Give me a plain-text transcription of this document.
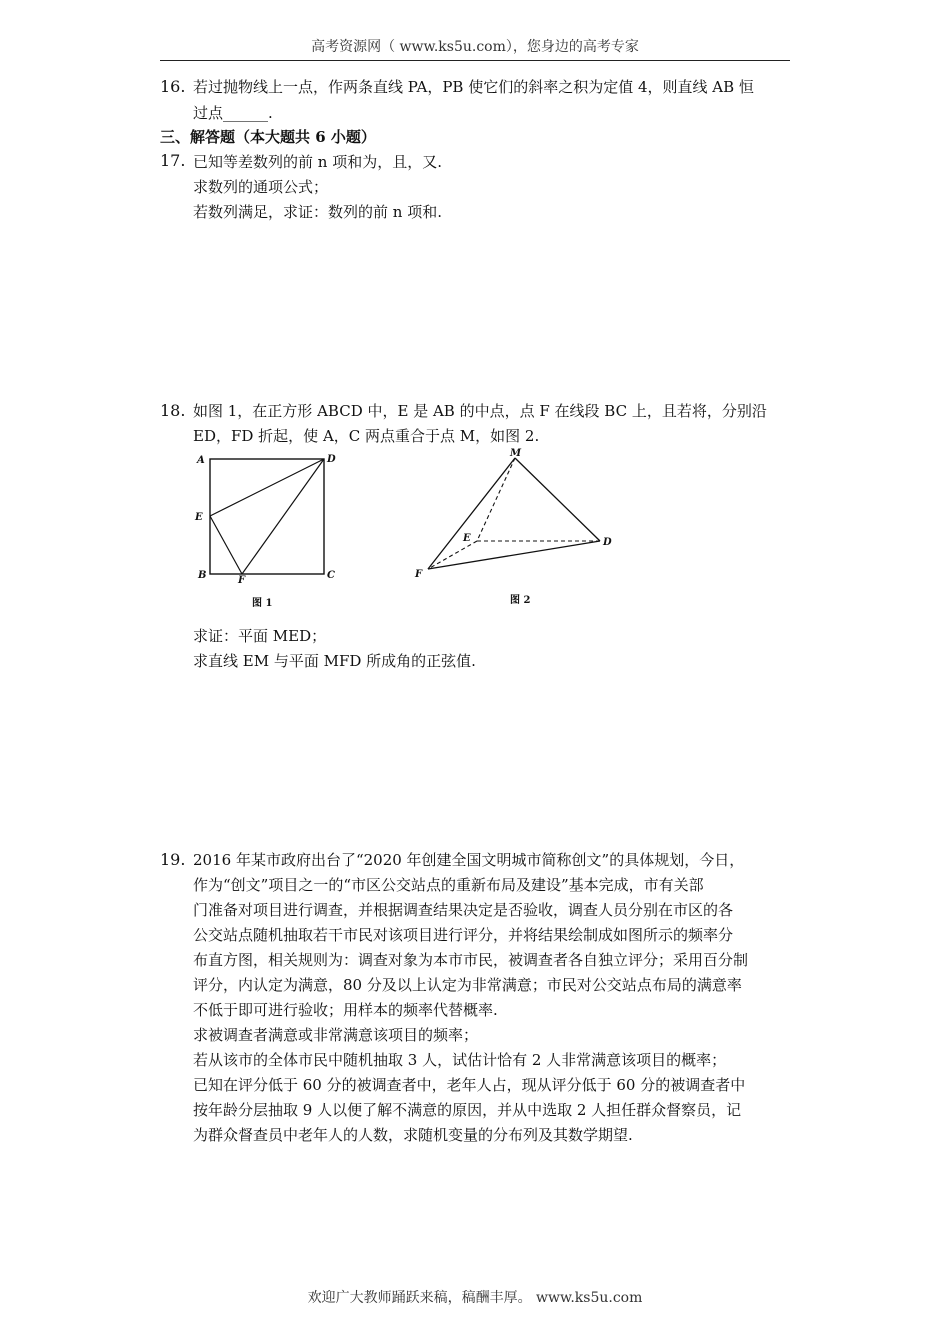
高考资源网（ www.ks5u.com），您身边的高考专家
16. 若过抛物线上一点，作两条直线 PA，PB 使它们的斜率之积为定值 4，则直线 AB 恒
过点______.
三、解答题（本大题共 6 小题）
17. 已知等差数列的前 n 项和为，且，又.
求数列的通项公式；
若数列满足，求证：数列的前 n 项和.
18. 如图 1，在正方形 ABCD 中，E 是 AB 的中点，点 F 在线段 BC 上，且若将，分别沿
ED，FD 折起，使 A，C 两点重合于点 M，如图 2.
A	D
E
B	F	C
图 1
M
E	D
F
图 2
求证：平面 MED；
求直线 EM 与平面 MFD 所成角的正弦值.
19. 2016 年某市政府出台了“2020 年创建全国文明城市简称创文”的具体规划，今日，
作为“创文”项目之一的“市区公交站点的重新布局及建设”基本完成，市有关部
门准备对项目进行调查，并根据调查结果决定是否验收，调查人员分别在市区的各
公交站点随机抽取若干市民对该项目进行评分，并将结果绘制成如图所示的频率分
布直方图，相关规则为：调查对象为本市市民，被调查者各自独立评分；采用百分制
评分，内认定为满意，80 分及以上认定为非常满意；市民对公交站点布局的满意率
不低于即可进行验收；用样本的频率代替概率.
求被调查者满意或非常满意该项目的频率；
若从该市的全体市民中随机抽取 3 人，试估计恰有 2 人非常满意该项目的概率；
已知在评分低于 60 分的被调查者中，老年人占，现从评分低于 60 分的被调查者中
按年龄分层抽取 9 人以便了解不满意的原因，并从中选取 2 人担任群众督察员，记
为群众督查员中老年人的人数，求随机变量的分布列及其数学期望.
欢迎广大教师踊跃来稿，稿酬丰厚。 www.ks5u.com
